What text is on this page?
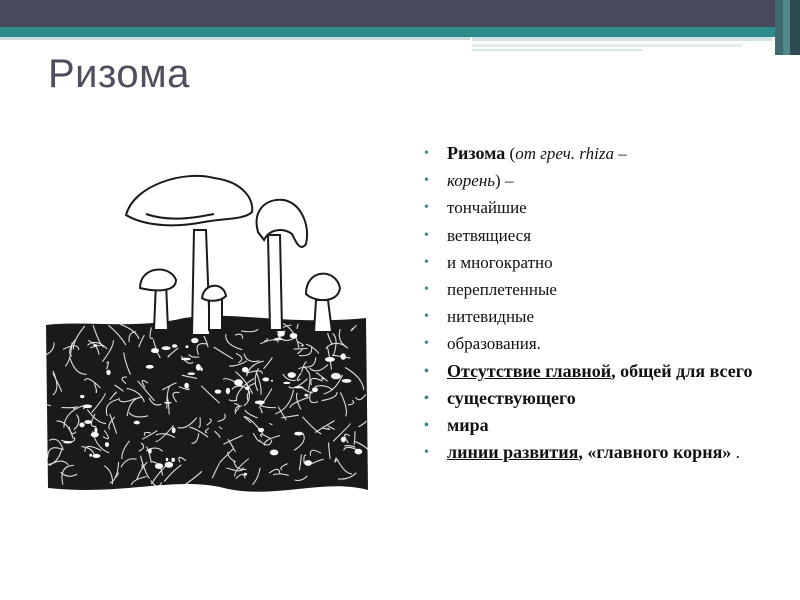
Ризома
• Ризома (от греч. rhiza –
• корень) –
• тончайшие
• ветвящиеся
• и многократно
• переплетенные
• нитевидные
• образования.
• Отсутствие главной, общей для всего
• существующего
• мира
• линии развития, «главного корня» .
